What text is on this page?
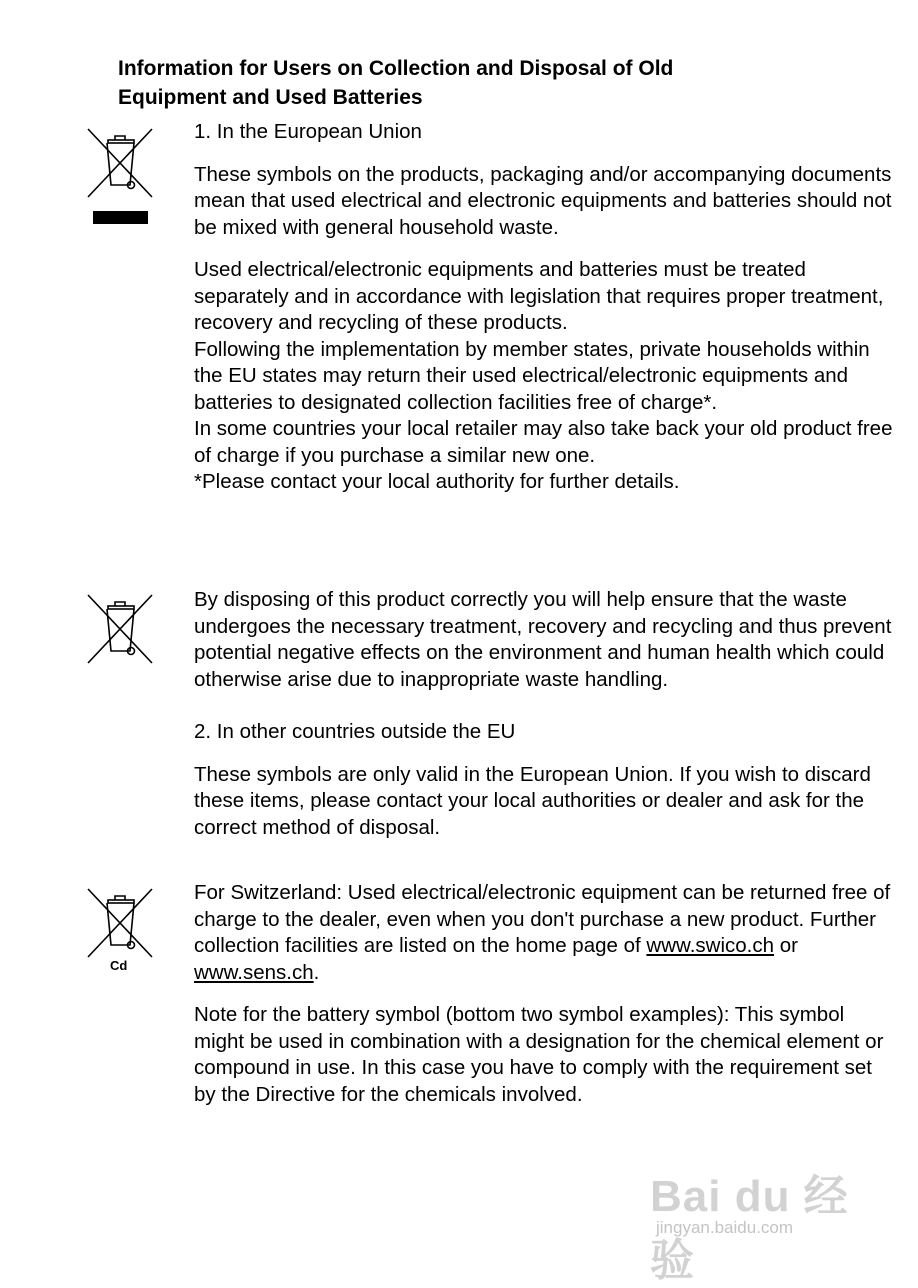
Information for Users on Collection and Disposal of Old
Equipment and Used Batteries

1. In the European Union

These symbols on the products, packaging and/or accompanying documents mean that used electrical and electronic equipments and batteries should not be mixed with general household waste.

Used electrical/electronic equipments and batteries must be treated separately and in accordance with legislation that requires proper treatment, recovery and recycling of these products.

Following the implementation by member states, private households within the EU states may return their used electrical/electronic equipments and batteries to designated collection facilities free of charge*.

In some countries your local retailer may also take back your old product free of charge if you purchase a similar new one.

*Please contact your local authority for further details.

By disposing of this product correctly you will help ensure that the waste undergoes the necessary treatment, recovery and recycling and thus prevent potential negative effects on the environment and human health which could otherwise arise due to inappropriate waste handling.

2. In other countries outside the EU

These symbols are only valid in the European Union. If you wish to discard these items, please contact your local authorities or dealer and ask for the correct method of disposal.

Cd

For Switzerland: Used electrical/electronic equipment can be returned free of charge to the dealer, even when you don't purchase a new product. Further collection facilities are listed on the home page of www.swico.ch or www.sens.ch.

Note for the battery symbol (bottom two symbol examples): This symbol might be used in combination with a designation for the chemical element or compound in use. In this case you have to comply with the requirement set by the Directive for the chemicals involved.

Bai du 经验
jingyan.baidu.com
